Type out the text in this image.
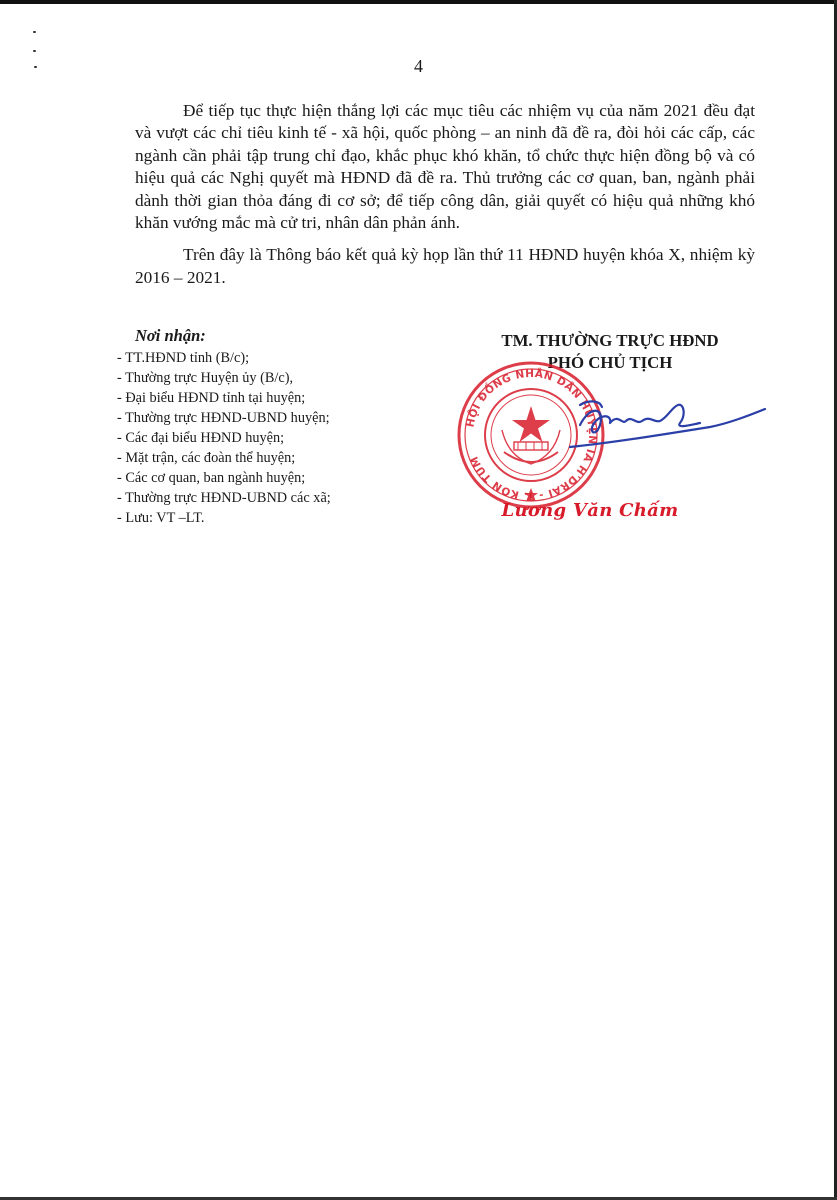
4

Để tiếp tục thực hiện thắng lợi các mục tiêu các nhiệm vụ của năm 2021 đều đạt và vượt các chỉ tiêu kinh tế - xã hội, quốc phòng – an ninh đã đề ra, đòi hỏi các cấp, các ngành cần phải tập trung chỉ đạo, khắc phục khó khăn, tổ chức thực hiện đồng bộ và có hiệu quả các Nghị quyết mà HĐND đã đề ra. Thủ trưởng các cơ quan, ban, ngành phải dành thời gian thỏa đáng đi cơ sở; để tiếp công dân, giải quyết có hiệu quả những khó khăn vướng mắc mà cử tri, nhân dân phản ánh.

Trên đây là Thông báo kết quả kỳ họp lần thứ 11 HĐND huyện khóa X, nhiệm kỳ 2016 – 2021.

Nơi nhận:
- TT.HĐND tỉnh (B/c);
- Thường trực Huyện ủy (B/c),
- Đại biểu HĐND tỉnh tại huyện;
- Thường trực HĐND-UBND huyện;
- Các đại biểu HĐND huyện;
- Mặt trận, các đoàn thể huyện;
- Các cơ quan, ban ngành huyện;
- Thường trực HĐND-UBND các xã;
- Lưu: VT –LT.
TM. THƯỜNG TRỰC HĐND
PHÓ CHỦ TỊCH
HỘI ĐỒNG NHÂN DÂN HUYỆN IA H'DRAI - T. KON TUM
Lương Văn Chấm
